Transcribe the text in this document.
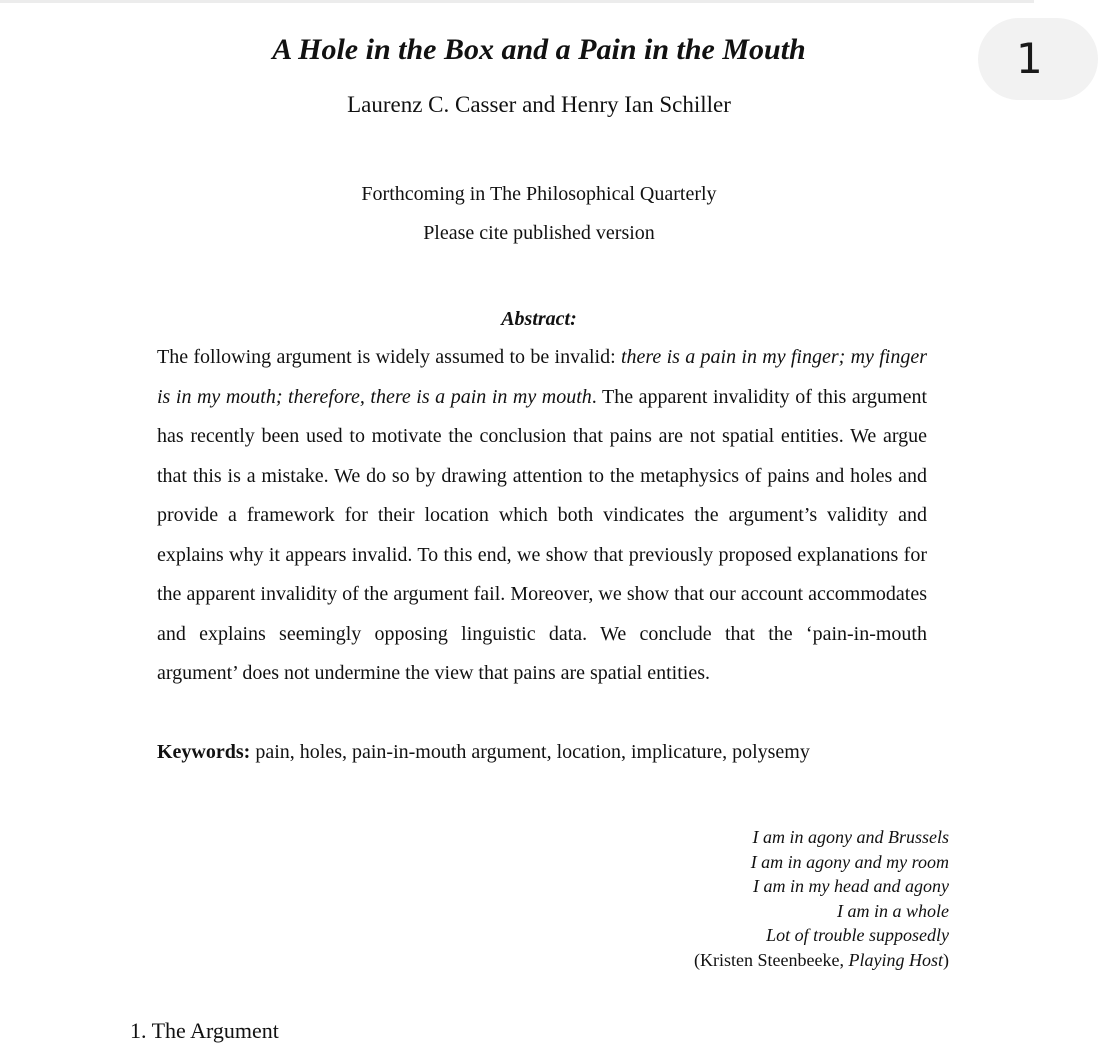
1
A Hole in the Box and a Pain in the Mouth
Laurenz C. Casser and Henry Ian Schiller
Forthcoming in The Philosophical Quarterly
Please cite published version
Abstract:

The following argument is widely assumed to be invalid: there is a pain in my finger; my finger is in my mouth; therefore, there is a pain in my mouth. The apparent invalidity of this argument has recently been used to motivate the conclusion that pains are not spatial entities. We argue that this is a mistake. We do so by drawing attention to the metaphysics of pains and holes and provide a framework for their location which both vindicates the argument’s validity and explains why it appears invalid. To this end, we show that previously proposed explanations for the apparent invalidity of the argument fail. Moreover, we show that our account accommodates and explains seemingly opposing linguistic data. We conclude that the ‘pain-in-mouth argument’ does not undermine the view that pains are spatial entities.

Keywords: pain, holes, pain-in-mouth argument, location, implicature, polysemy
I am in agony and Brussels
I am in agony and my room
I am in my head and agony
I am in a whole
Lot of trouble supposedly
(Kristen Steenbeeke, Playing Host)
1. The Argument
